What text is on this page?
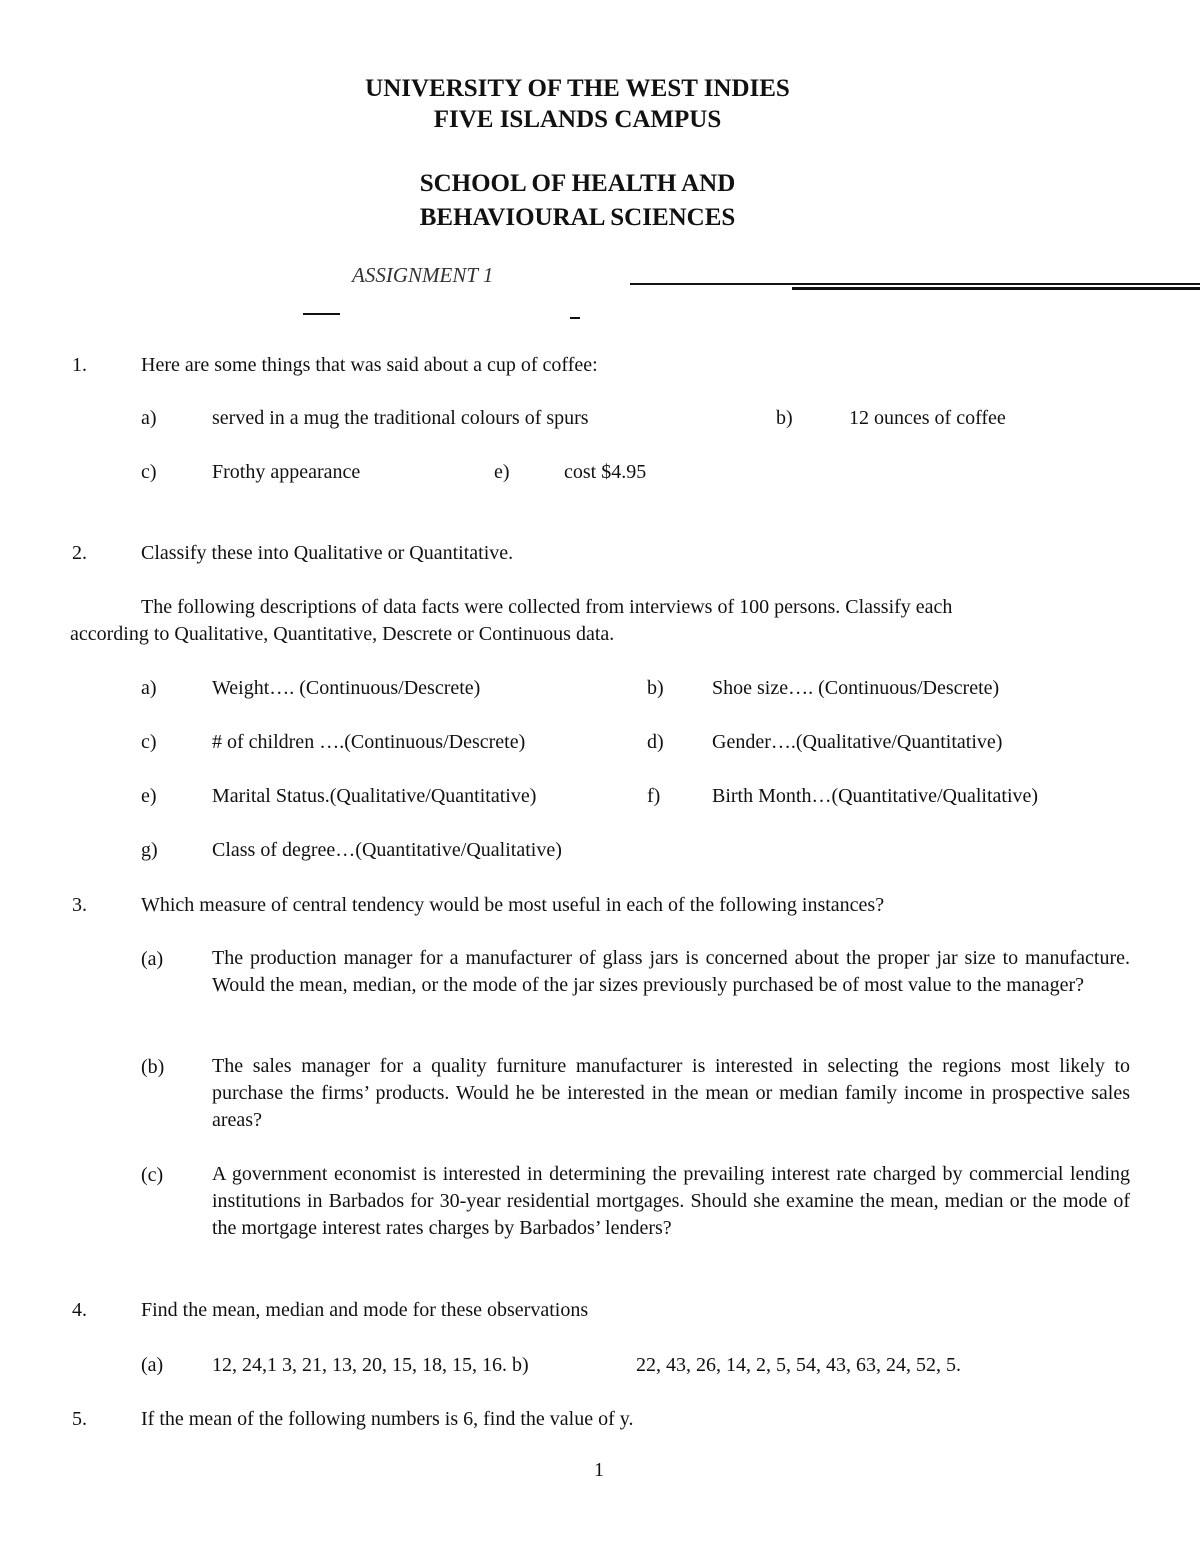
UNIVERSITY OF THE WEST INDIES
FIVE ISLANDS CAMPUS
SCHOOL OF HEALTH AND
BEHAVIOURAL SCIENCES
ASSIGNMENT 1
1.	Here are some things that was said about a cup of coffee:
a)	served in a mug the traditional colours of spurs	b)	12 ounces of coffee
c)	Frothy appearance	e)	cost $4.95
2.	Classify these into Qualitative or Quantitative.
The following descriptions of data facts were collected from interviews of 100 persons. Classify each
according to Qualitative, Quantitative, Descrete or Continuous data.
a)	Weight…. (Continuous/Descrete)	b) Shoe size…. (Continuous/Descrete)
c)	# of children ….(Continuous/Descrete)	d) Gender….(Qualitative/Quantitative)
e)	Marital Status.(Qualitative/Quantitative)	f)	Birth Month…(Quantitative/Qualitative)
g)	Class of degree…(Quantitative/Qualitative)
3.	Which measure of central tendency would be most useful in each of the following instances?
(a) The production manager for a manufacturer of glass jars is concerned about the proper jar size to manufacture. Would the mean, median, or the mode of the jar sizes previously purchased be of most value to the manager?
(b) The sales manager for a quality furniture manufacturer is interested in selecting the regions most likely to purchase the firms’ products. Would he be interested in the mean or median family income in prospective sales areas?
(c) A government economist is interested in determining the prevailing interest rate charged by commercial lending institutions in Barbados for 30-year residential mortgages. Should she examine the mean, median or the mode of the mortgage interest rates charges by Barbados’ lenders?
4.	Find the mean, median and mode for these observations
(a) 12, 24,1 3, 21, 13, 20, 15, 18, 15, 16. b)	22, 43, 26, 14, 2, 5, 54, 43, 63, 24, 52, 5.
5.	If the mean of the following numbers is 6, find the value of y.
1
